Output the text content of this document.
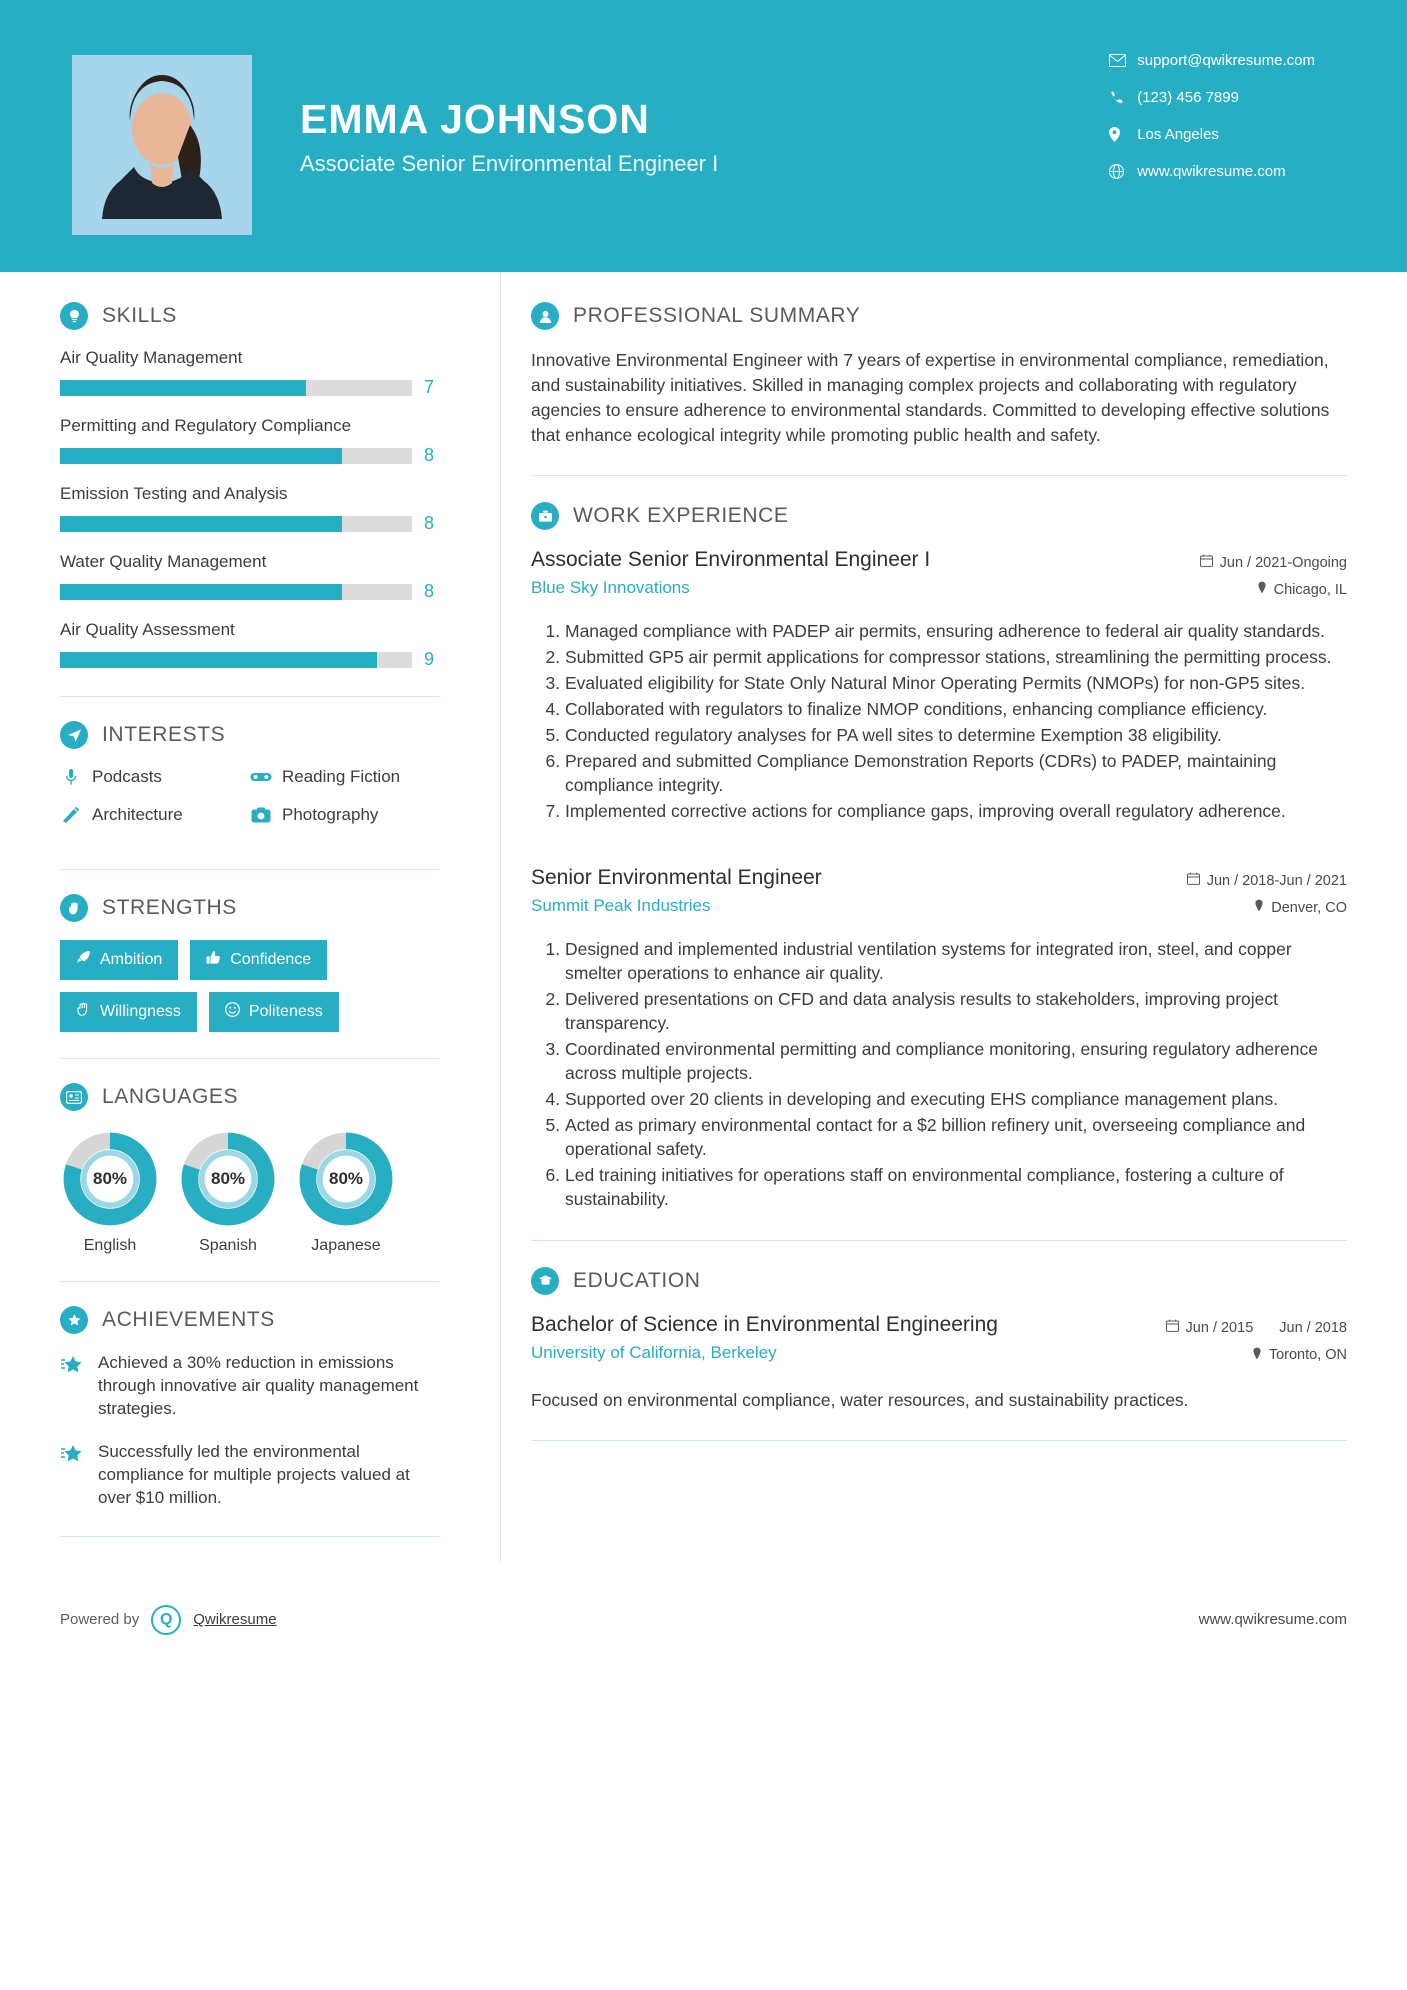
EMMA JOHNSON
Associate Senior Environmental Engineer I
support@qwikresume.com
(123) 456 7899
Los Angeles
www.qwikresume.com
SKILLS
Air Quality Management
7
Permitting and Regulatory Compliance
8
Emission Testing and Analysis
8
Water Quality Management
8
Air Quality Assessment
9
INTERESTS
Podcasts	Reading Fiction
Architecture	Photography
STRENGTHS
Ambition	Confidence
Willingness	Politeness
LANGUAGES
80%
English
80%
Spanish
80%
Japanese
ACHIEVEMENTS
Achieved a 30% reduction in emissions through innovative air quality management strategies.
Successfully led the environmental compliance for multiple projects valued at over $10 million.
PROFESSIONAL SUMMARY
Innovative Environmental Engineer with 7 years of expertise in environmental compliance, remediation, and sustainability initiatives. Skilled in managing complex projects and collaborating with regulatory agencies to ensure adherence to environmental standards. Committed to developing effective solutions that enhance ecological integrity while promoting public health and safety.
WORK EXPERIENCE
Associate Senior Environmental Engineer I
Blue Sky Innovations
Jun / 2021-Ongoing
Chicago, IL
1. Managed compliance with PADEP air permits, ensuring adherence to federal air quality standards.
2. Submitted GP5 air permit applications for compressor stations, streamlining the permitting process.
3. Evaluated eligibility for State Only Natural Minor Operating Permits (NMOPs) for non-GP5 sites.
4. Collaborated with regulators to finalize NMOP conditions, enhancing compliance efficiency.
5. Conducted regulatory analyses for PA well sites to determine Exemption 38 eligibility.
6. Prepared and submitted Compliance Demonstration Reports (CDRs) to PADEP, maintaining compliance integrity.
7. Implemented corrective actions for compliance gaps, improving overall regulatory adherence.
Senior Environmental Engineer
Summit Peak Industries
Jun / 2018-Jun / 2021
Denver, CO
1. Designed and implemented industrial ventilation systems for integrated iron, steel, and copper smelter operations to enhance air quality.
2. Delivered presentations on CFD and data analysis results to stakeholders, improving project transparency.
3. Coordinated environmental permitting and compliance monitoring, ensuring regulatory adherence across multiple projects.
4. Supported over 20 clients in developing and executing EHS compliance management plans.
5. Acted as primary environmental contact for a $2 billion refinery unit, overseeing compliance and operational safety.
6. Led training initiatives for operations staff on environmental compliance, fostering a culture of sustainability.
EDUCATION
Bachelor of Science in Environmental Engineering
University of California, Berkeley
Jun / 2015 Jun / 2018
Toronto, ON
Focused on environmental compliance, water resources, and sustainability practices.
Powered by	Q	Qwikresume	www.qwikresume.com
